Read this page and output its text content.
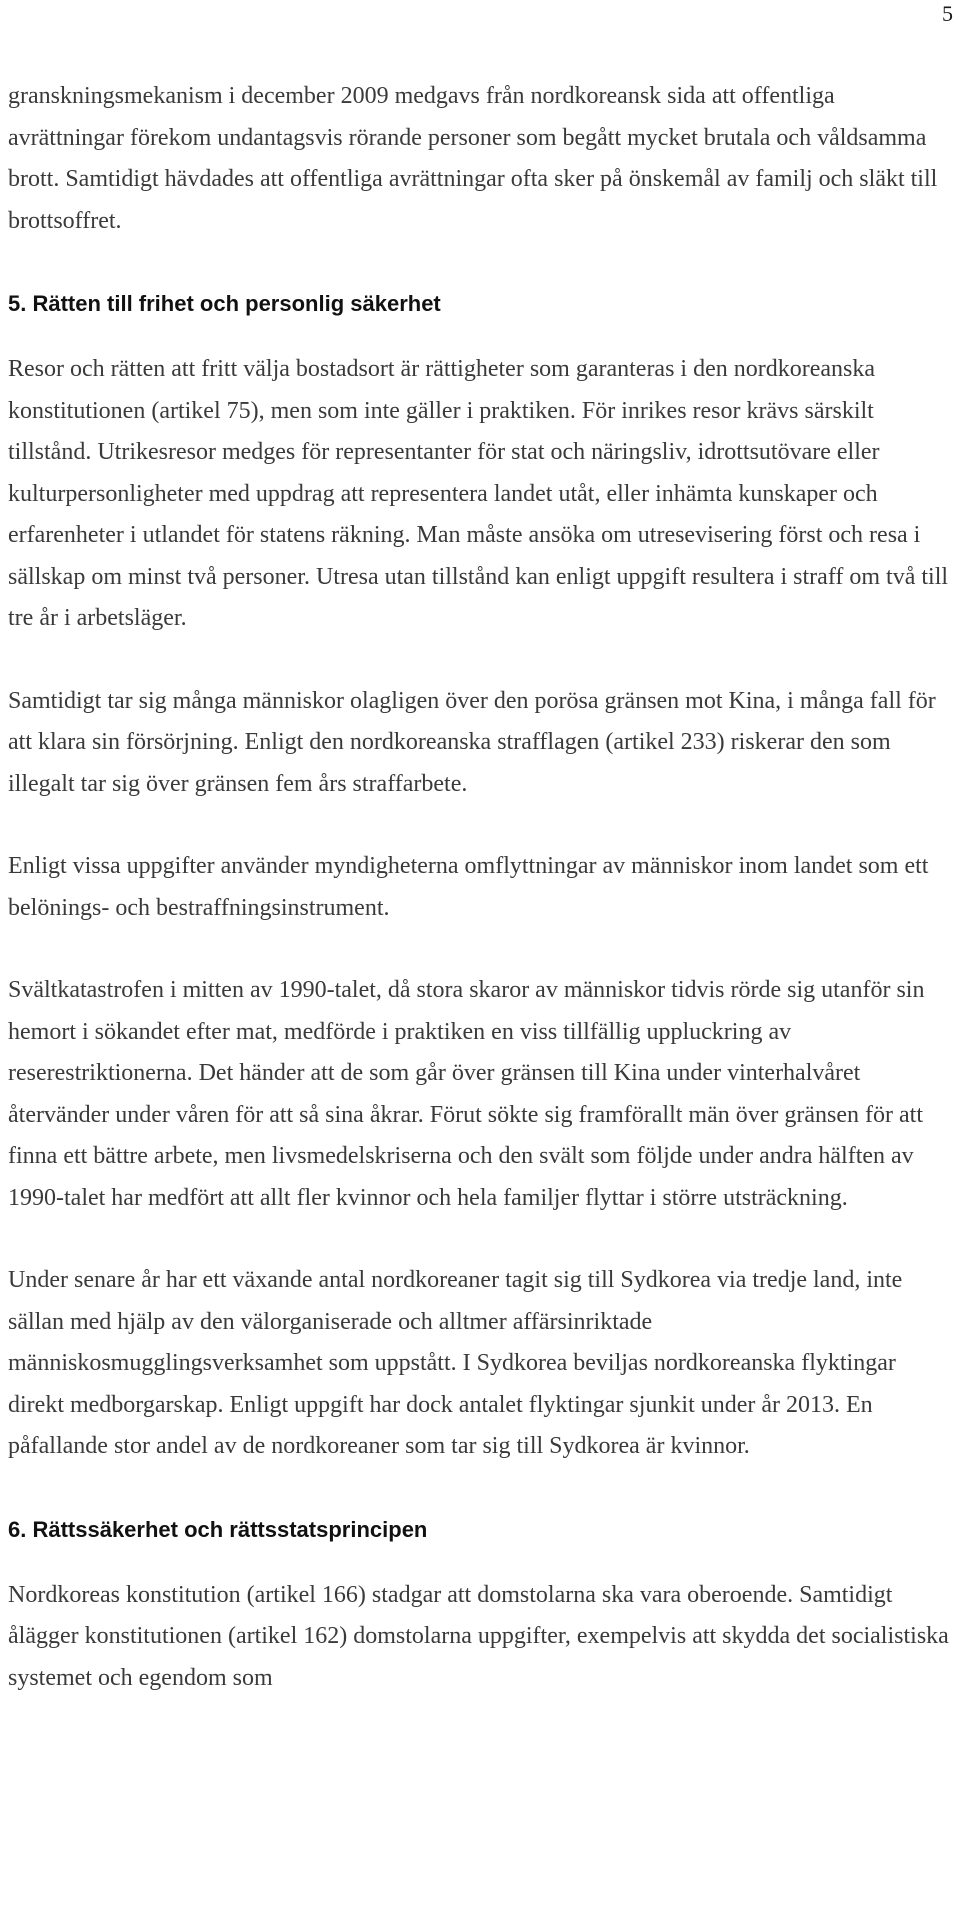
5

granskningsmekanism i december 2009 medgavs från nordkoreansk sida att offentliga avrättningar förekom undantagsvis rörande personer som begått mycket brutala och våldsamma brott. Samtidigt hävdades att offentliga avrättningar ofta sker på önskemål av familj och släkt till brottsoffret.

5. Rätten till frihet och personlig säkerhet

Resor och rätten att fritt välja bostadsort är rättigheter som garanteras i den nordkoreanska konstitutionen (artikel 75), men som inte gäller i praktiken. För inrikes resor krävs särskilt tillstånd. Utrikesresor medges för representanter för stat och näringsliv, idrottsutövare eller kulturpersonligheter med uppdrag att representera landet utåt, eller inhämta kunskaper och erfarenheter i utlandet för statens räkning. Man måste ansöka om utresevisering först och resa i sällskap om minst två personer. Utresa utan tillstånd kan enligt uppgift resultera i straff om två till tre år i arbetsläger.

Samtidigt tar sig många människor olagligen över den porösa gränsen mot Kina, i många fall för att klara sin försörjning. Enligt den nordkoreanska strafflagen (artikel 233) riskerar den som illegalt tar sig över gränsen fem års straffarbete.

Enligt vissa uppgifter använder myndigheterna omflyttningar av människor inom landet som ett belönings- och bestraffningsinstrument.

Svältkatastrofen i mitten av 1990-talet, då stora skaror av människor tidvis rörde sig utanför sin hemort i sökandet efter mat, medförde i praktiken en viss tillfällig uppluckring av reserestriktionerna. Det händer att de som går över gränsen till Kina under vinterhalvåret återvänder under våren för att så sina åkrar. Förut sökte sig framförallt män över gränsen för att finna ett bättre arbete, men livsmedelskriserna och den svält som följde under andra hälften av 1990-talet har medfört att allt fler kvinnor och hela familjer flyttar i större utsträckning.

Under senare år har ett växande antal nordkoreaner tagit sig till Sydkorea via tredje land, inte sällan med hjälp av den välorganiserade och alltmer affärsinriktade människosmugglingsverksamhet som uppstått. I Sydkorea beviljas nordkoreanska flyktingar direkt medborgarskap. Enligt uppgift har dock antalet flyktingar sjunkit under år 2013. En påfallande stor andel av de nordkoreaner som tar sig till Sydkorea är kvinnor.

6. Rättssäkerhet och rättsstatsprincipen

Nordkoreas konstitution (artikel 166) stadgar att domstolarna ska vara oberoende. Samtidigt ålägger konstitutionen (artikel 162) domstolarna uppgifter, exempelvis att skydda det socialistiska systemet och egendom som
